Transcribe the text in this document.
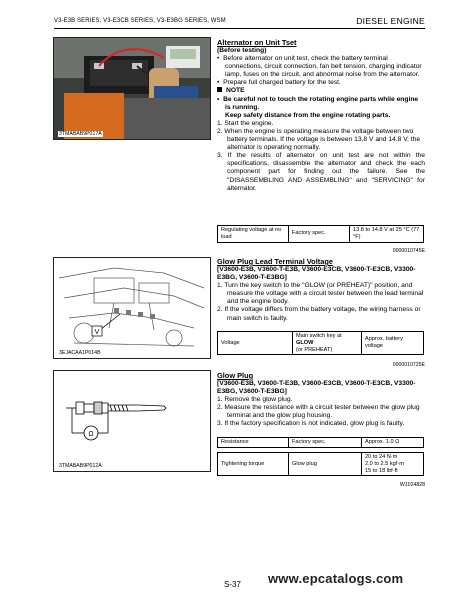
V3-E3B SERIES, V3-E3CB SERIES, V3-E3BG SERIES, WSM	DIESEL ENGINE
3TMABAB9P017A
Alternator on Unit Tset
(Before testing)
•  Before alternator on unit test, check the battery terminal connections, circuit connection, fan belt tension, charging indicator lamp, fuses on the circuit, and abnormal noise from the alternator.
•  Prepare full charged battery for the test.
NOTE
•  Be careful not to touch the rotating engine parts while engine is running.
Keep safety distance from the engine rotating parts.
1. Start the engine.
2. When the engine is operating measure the voltage between two battery terminals. If the voltage is between 13.8 V and 14.8 V, the alternator is operating normally.
3. If the results of alternator on unit test are not within the specifications, disassemble the alternator and check the each component part for finding out the failure. See the "DISASSEMBLING AND ASSEMBLING" and "SERVICING" for alternator.
Regulating voltage at no load	Factory spec.	13.8 to 14.8 V at 25 °C (77 °F)
0000010745E
V
3EJACAA1P014B
Glow Plug Lead Terminal Voltage
[V3600-E3B, V3600-T-E3B, V3600-E3CB, V3600-T-E3CB, V3300-E3BG, V3600-T-E3BG]
1. Turn the key switch to the "GLOW (or PREHEAT)" position, and measure the voltage with a circuit tester between the lead terminal and the engine body.
2. If the voltage differs from the battery voltage, the wiring harness or main switch is faulty.
Voltage	Main switch key at
GLOW
(or PREHEAT)	Approx. battery voltage
0000010725E
Ω
3TMABAB9P012A
Glow Plug
[V3600-E3B, V3600-T-E3B, V3600-E3CB, V3600-T-E3CB, V3300-E3BG, V3600-T-E3BG]
1. Remove the glow plug.
2. Measure the resistance with a circuit tester between the glow plug terminal and the glow plug housing.
3. If the factory specification is not indicated, glow plug is faulty.
Resistance	Factory spec.	Approx. 1.0 Ω
Tightening torque	Glow plug	20 to 24 N·m
2.0 to 2.5 kgf·m
15 to 18 lbf·ft
W1024828
S-37 www.epcatalogs.com
